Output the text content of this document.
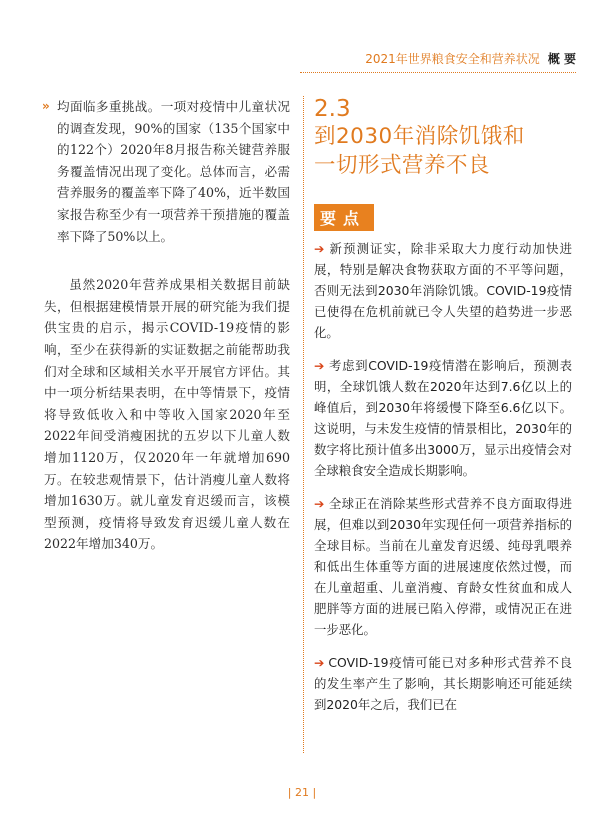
2021年世界粮食安全和营养状况 概 要

» 均面临多重挑战。一项对疫情中儿童状况的调查发现，90%的国家（135个国家中的122个）2020年8月报告称关键营养服务覆盖情况出现了变化。总体而言，必需营养服务的覆盖率下降了40%，近半数国家报告称至少有一项营养干预措施的覆盖率下降了50%以上。

虽然2020年营养成果相关数据目前缺失，但根据建模情景开展的研究能为我们提供宝贵的启示，揭示COVID-19疫情的影响，至少在获得新的实证数据之前能帮助我们对全球和区域相关水平开展官方评估。其中一项分析结果表明，在中等情景下，疫情将导致低收入和中等收入国家2020年至2022年间受消瘦困扰的五岁以下儿童人数增加1120万，仅2020年一年就增加690万。在较悲观情景下，估计消瘦儿童人数将增加1630万。就儿童发育迟缓而言，该模型预测，疫情将导致发育迟缓儿童人数在2022年增加340万。

2.3
到2030年消除饥饿和
一切形式营养不良
要点
➔ 新预测证实，除非采取大力度行动加快进展，特别是解决食物获取方面的不平等问题，否则无法到2030年消除饥饿。COVID-19疫情已使得在危机前就已令人失望的趋势进一步恶化。
➔ 考虑到COVID-19疫情潜在影响后，预测表明，全球饥饿人数在2020年达到7.6亿以上的峰值后，到2030年将缓慢下降至6.6亿以下。这说明，与未发生疫情的情景相比，2030年的数字将比预计值多出3000万，显示出疫情会对全球粮食安全造成长期影响。
➔ 全球正在消除某些形式营养不良方面取得进展，但难以到2030年实现任何一项营养指标的全球目标。当前在儿童发育迟缓、纯母乳喂养和低出生体重等方面的进展速度依然过慢，而在儿童超重、儿童消瘦、育龄女性贫血和成人肥胖等方面的进展已陷入停滞，或情况正在进一步恶化。
➔ COVID-19疫情可能已对多种形式营养不良的发生率产生了影响，其长期影响还可能延续到2020年之后，我们已在
| 21 |
